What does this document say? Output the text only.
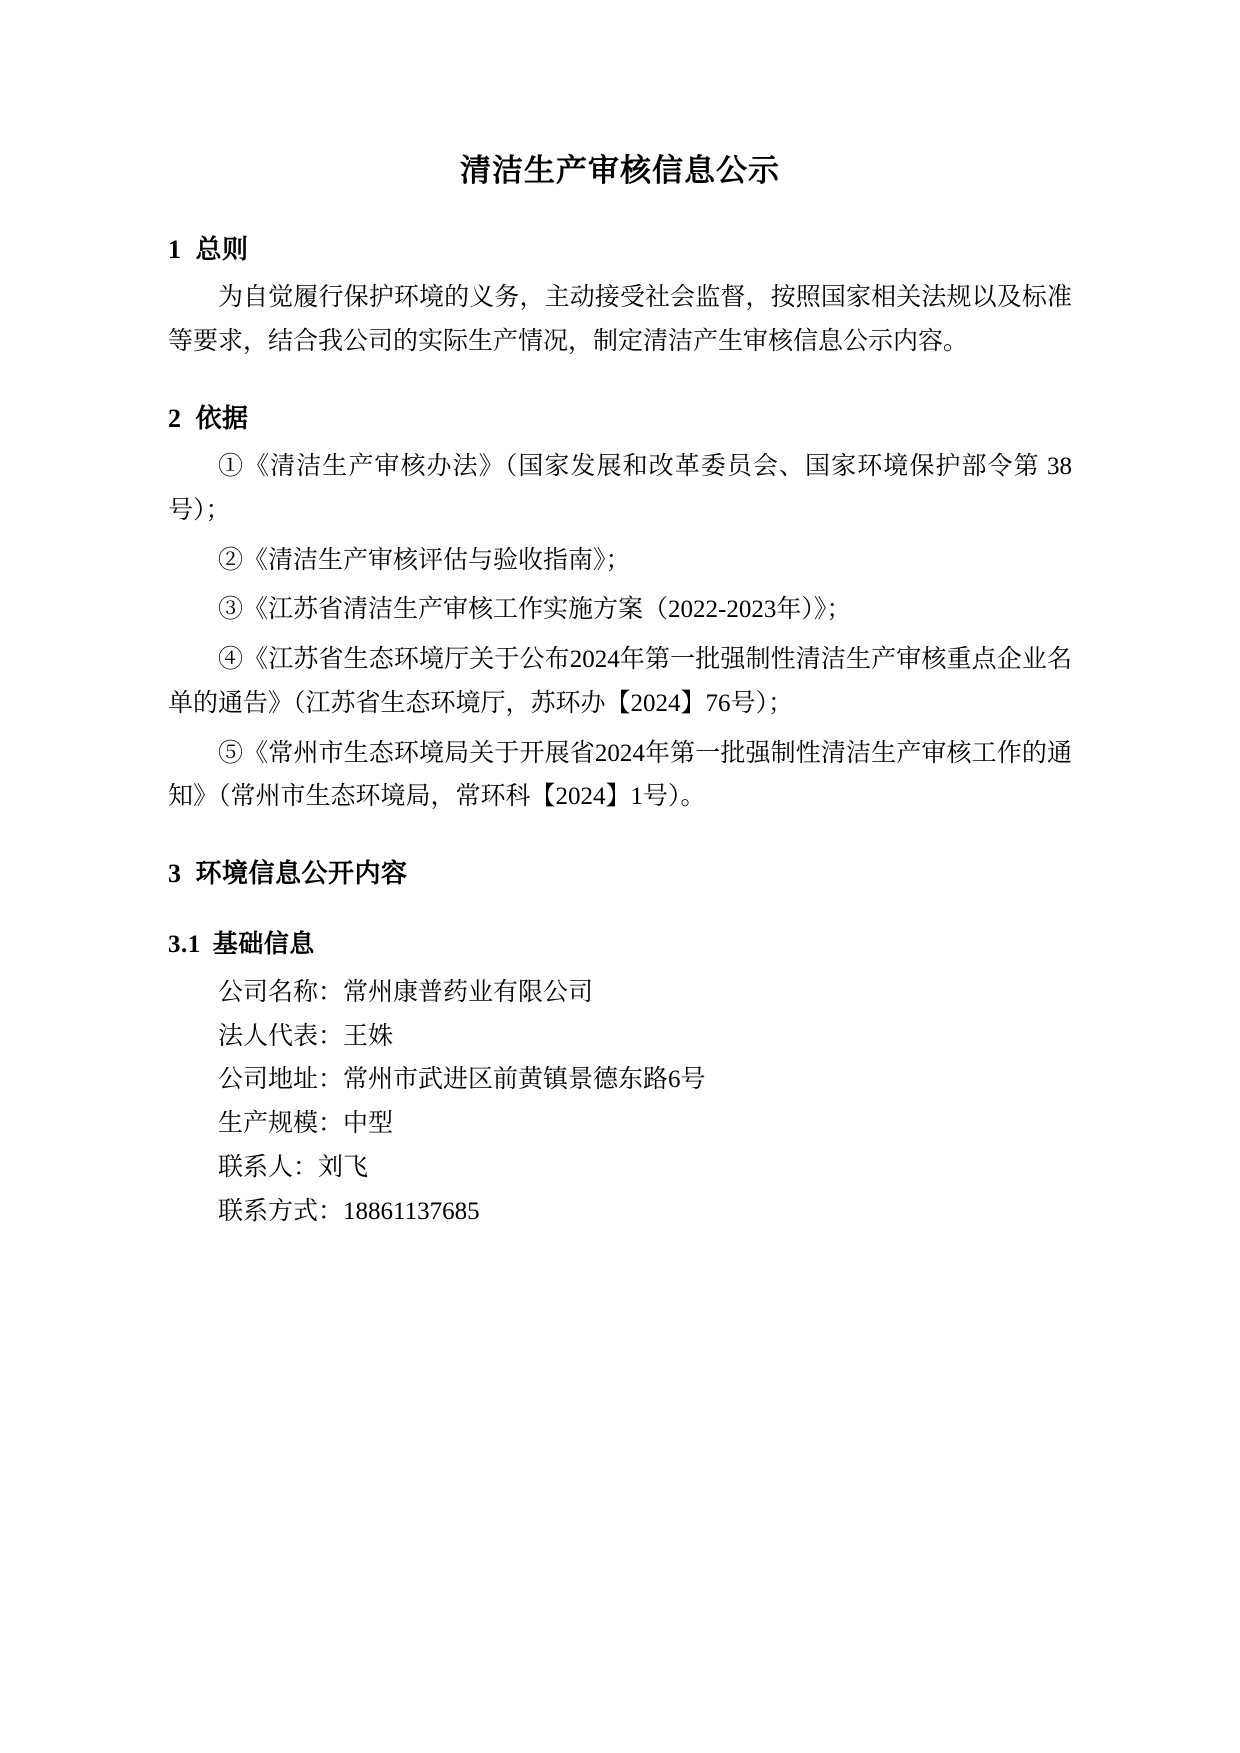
清洁生产审核信息公示
1 总则

为自觉履行保护环境的义务，主动接受社会监督，按照国家相关法规以及标准等要求，结合我公司的实际生产情况，制定清洁产生审核信息公示内容。

2 依据

①《清洁生产审核办法》（国家发展和改革委员会、国家环境保护部令第 38 号）；

②《清洁生产审核评估与验收指南》；

③《江苏省清洁生产审核工作实施方案（2022-2023年）》；

④《江苏省生态环境厅关于公布2024年第一批强制性清洁生产审核重点企业名单的通告》（江苏省生态环境厅，苏环办【2024】76号）；

⑤《常州市生态环境局关于开展省2024年第一批强制性清洁生产审核工作的通知》（常州市生态环境局，常环科【2024】1号）。

3 环境信息公开内容
3.1 基础信息
公司名称：常州康普药业有限公司
法人代表：王姝
公司地址：常州市武进区前黄镇景德东路6号
生产规模：中型
联系人：刘飞
联系方式：18861137685
